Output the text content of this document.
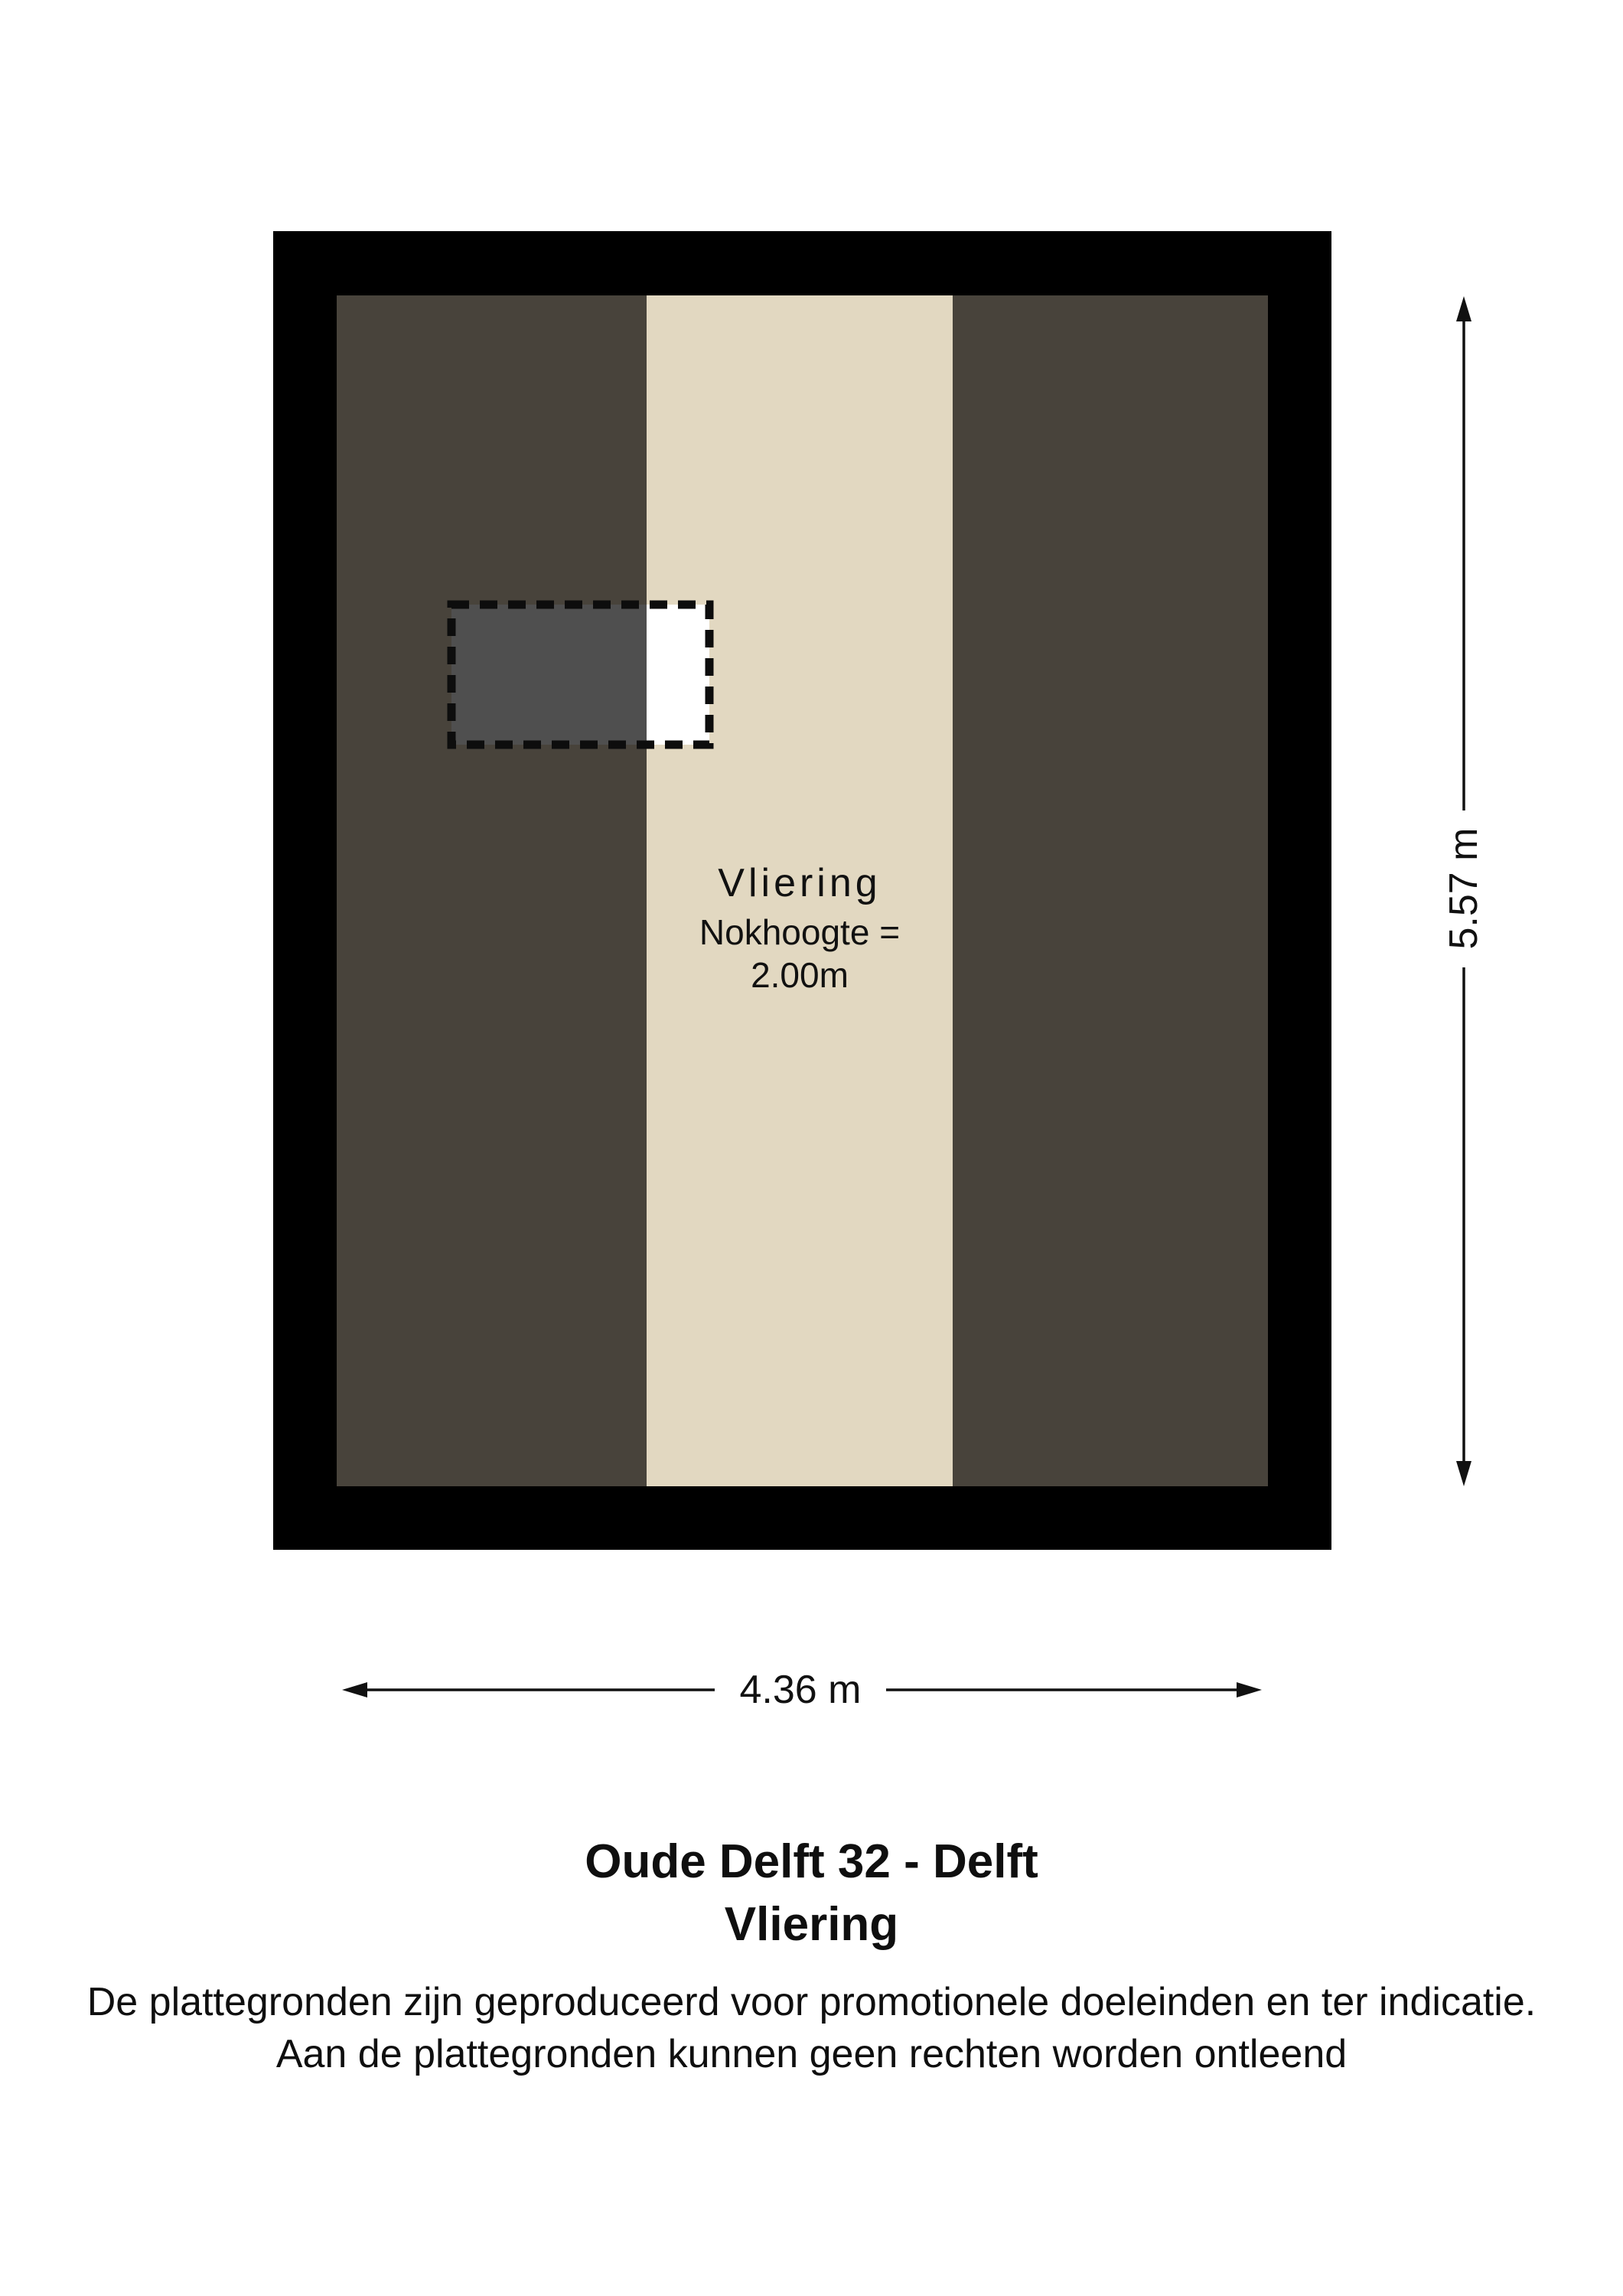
Vliering
Nokhoogte = 2.00m
5.57 m
4.36 m
Oude Delft 32 - Delft
Vliering
De plattegronden zijn geproduceerd voor promotionele doeleinden en ter indicatie.
Aan de plattegronden kunnen geen rechten worden ontleend
